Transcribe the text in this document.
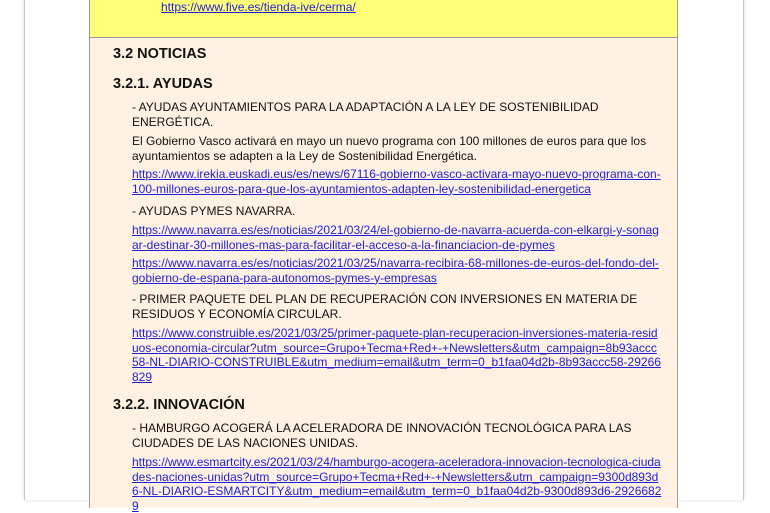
https://www.five.es/tienda-ive/cerma/
3.2 NOTICIAS
3.2.1. AYUDAS
- AYUDAS AYUNTAMIENTOS PARA LA ADAPTACIÓN A LA LEY DE SOSTENIBILIDAD ENERGÉTICA.
El Gobierno Vasco activará en mayo un nuevo programa con 100 millones de euros para que los ayuntamientos se adapten a la Ley de Sostenibilidad Energética.
https://www.irekia.euskadi.eus/es/news/67116-gobierno-vasco-activara-mayo-nuevo-programa-con-100-millones-euros-para-que-los-ayuntamientos-adapten-ley-sostenibilidad-energetica
- AYUDAS PYMES NAVARRA.
https://www.navarra.es/es/noticias/2021/03/24/el-gobierno-de-navarra-acuerda-con-elkargi-y-sonagar-destinar-30-millones-mas-para-facilitar-el-acceso-a-la-financiacion-de-pymes
https://www.navarra.es/es/noticias/2021/03/25/navarra-recibira-68-millones-de-euros-del-fondo-del-gobierno-de-espana-para-autonomos-pymes-y-empresas
- PRIMER PAQUETE DEL PLAN DE RECUPERACIÓN CON INVERSIONES EN MATERIA DE RESIDUOS Y ECONOMÍA CIRCULAR.
https://www.construible.es/2021/03/25/primer-paquete-plan-recuperacion-inversiones-materia-residuos-economia-circular?utm_source=Grupo+Tecma+Red+-+Newsletters&utm_campaign=8b93accc58-NL-DIARIO-CONSTRUIBLE&utm_medium=email&utm_term=0_b1faa04d2b-8b93accc58-29266829
3.2.2. INNOVACIÓN
- HAMBURGO ACOGERÁ LA ACELERADORA DE INNOVACIÓN TECNOLÓGICA PARA LAS CIUDADES DE LAS NACIONES UNIDAS.
https://www.esmartcity.es/2021/03/24/hamburgo-acogera-aceleradora-innovacion-tecnologica-ciudades-naciones-unidas?utm_source=Grupo+Tecma+Red+-+Newsletters&utm_campaign=9300d893d6-NL-DIARIO-ESMARTCITY&utm_medium=email&utm_term=0_b1faa04d2b-9300d893d6-29266829
